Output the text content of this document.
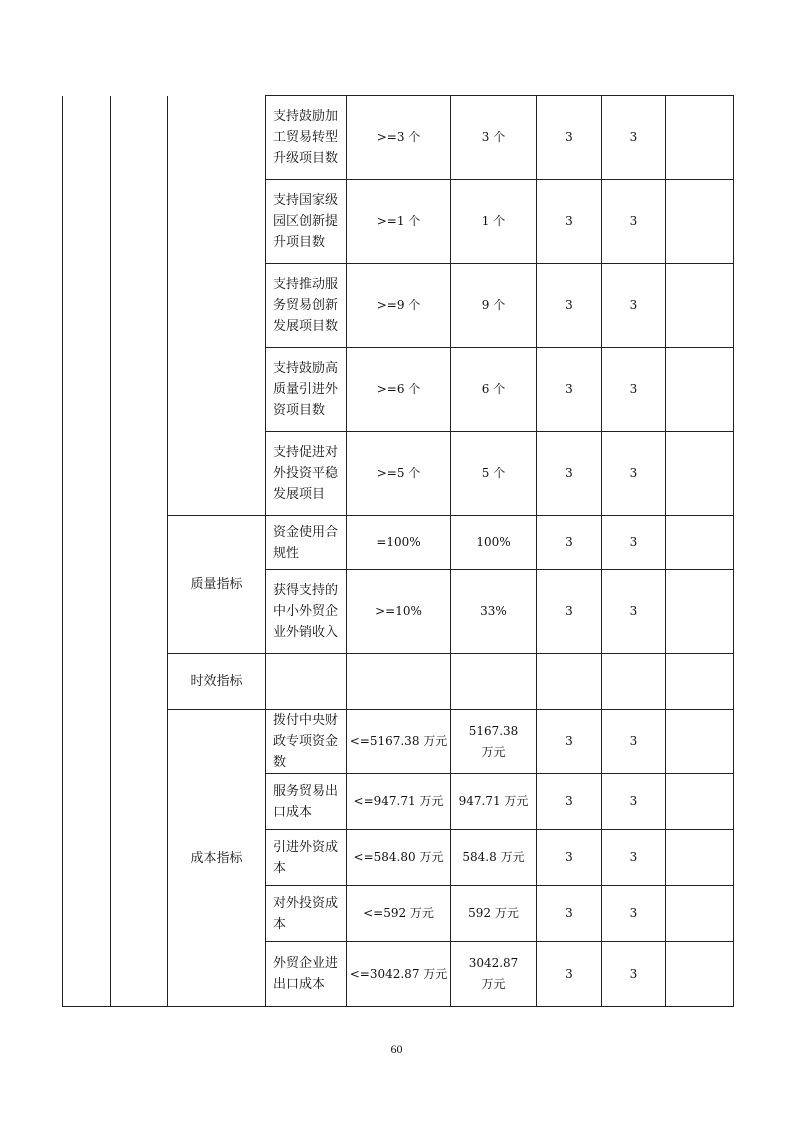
			支持鼓励加工贸易转型升级项目数	>=3 个	3 个	3	3	
			支持国家级园区创新提升项目数	>=1 个	1 个	3	3	
			支持推动服务贸易创新发展项目数	>=9 个	9 个	3	3	
			支持鼓励高质量引进外资项目数	>=6 个	6 个	3	3	
			支持促进对外投资平稳发展项目	>=5 个	5 个	3	3	
		质量指标	资金使用合规性	=100%	100%	3	3	
			获得支持的中小外贸企业外销收入	>=10%	33%	3	3	
		时效指标						
		成本指标	拨付中央财政专项资金数	<=5167.38 万元	5167.38 万元	3	3	
			服务贸易出口成本	<=947.71 万元	947.71 万元	3	3	
			引进外资成本	<=584.80 万元	584.8 万元	3	3	
			对外投资成本	<=592 万元	592 万元	3	3	
			外贸企业进出口成本	<=3042.87 万元	3042.87 万元	3	3	
60
